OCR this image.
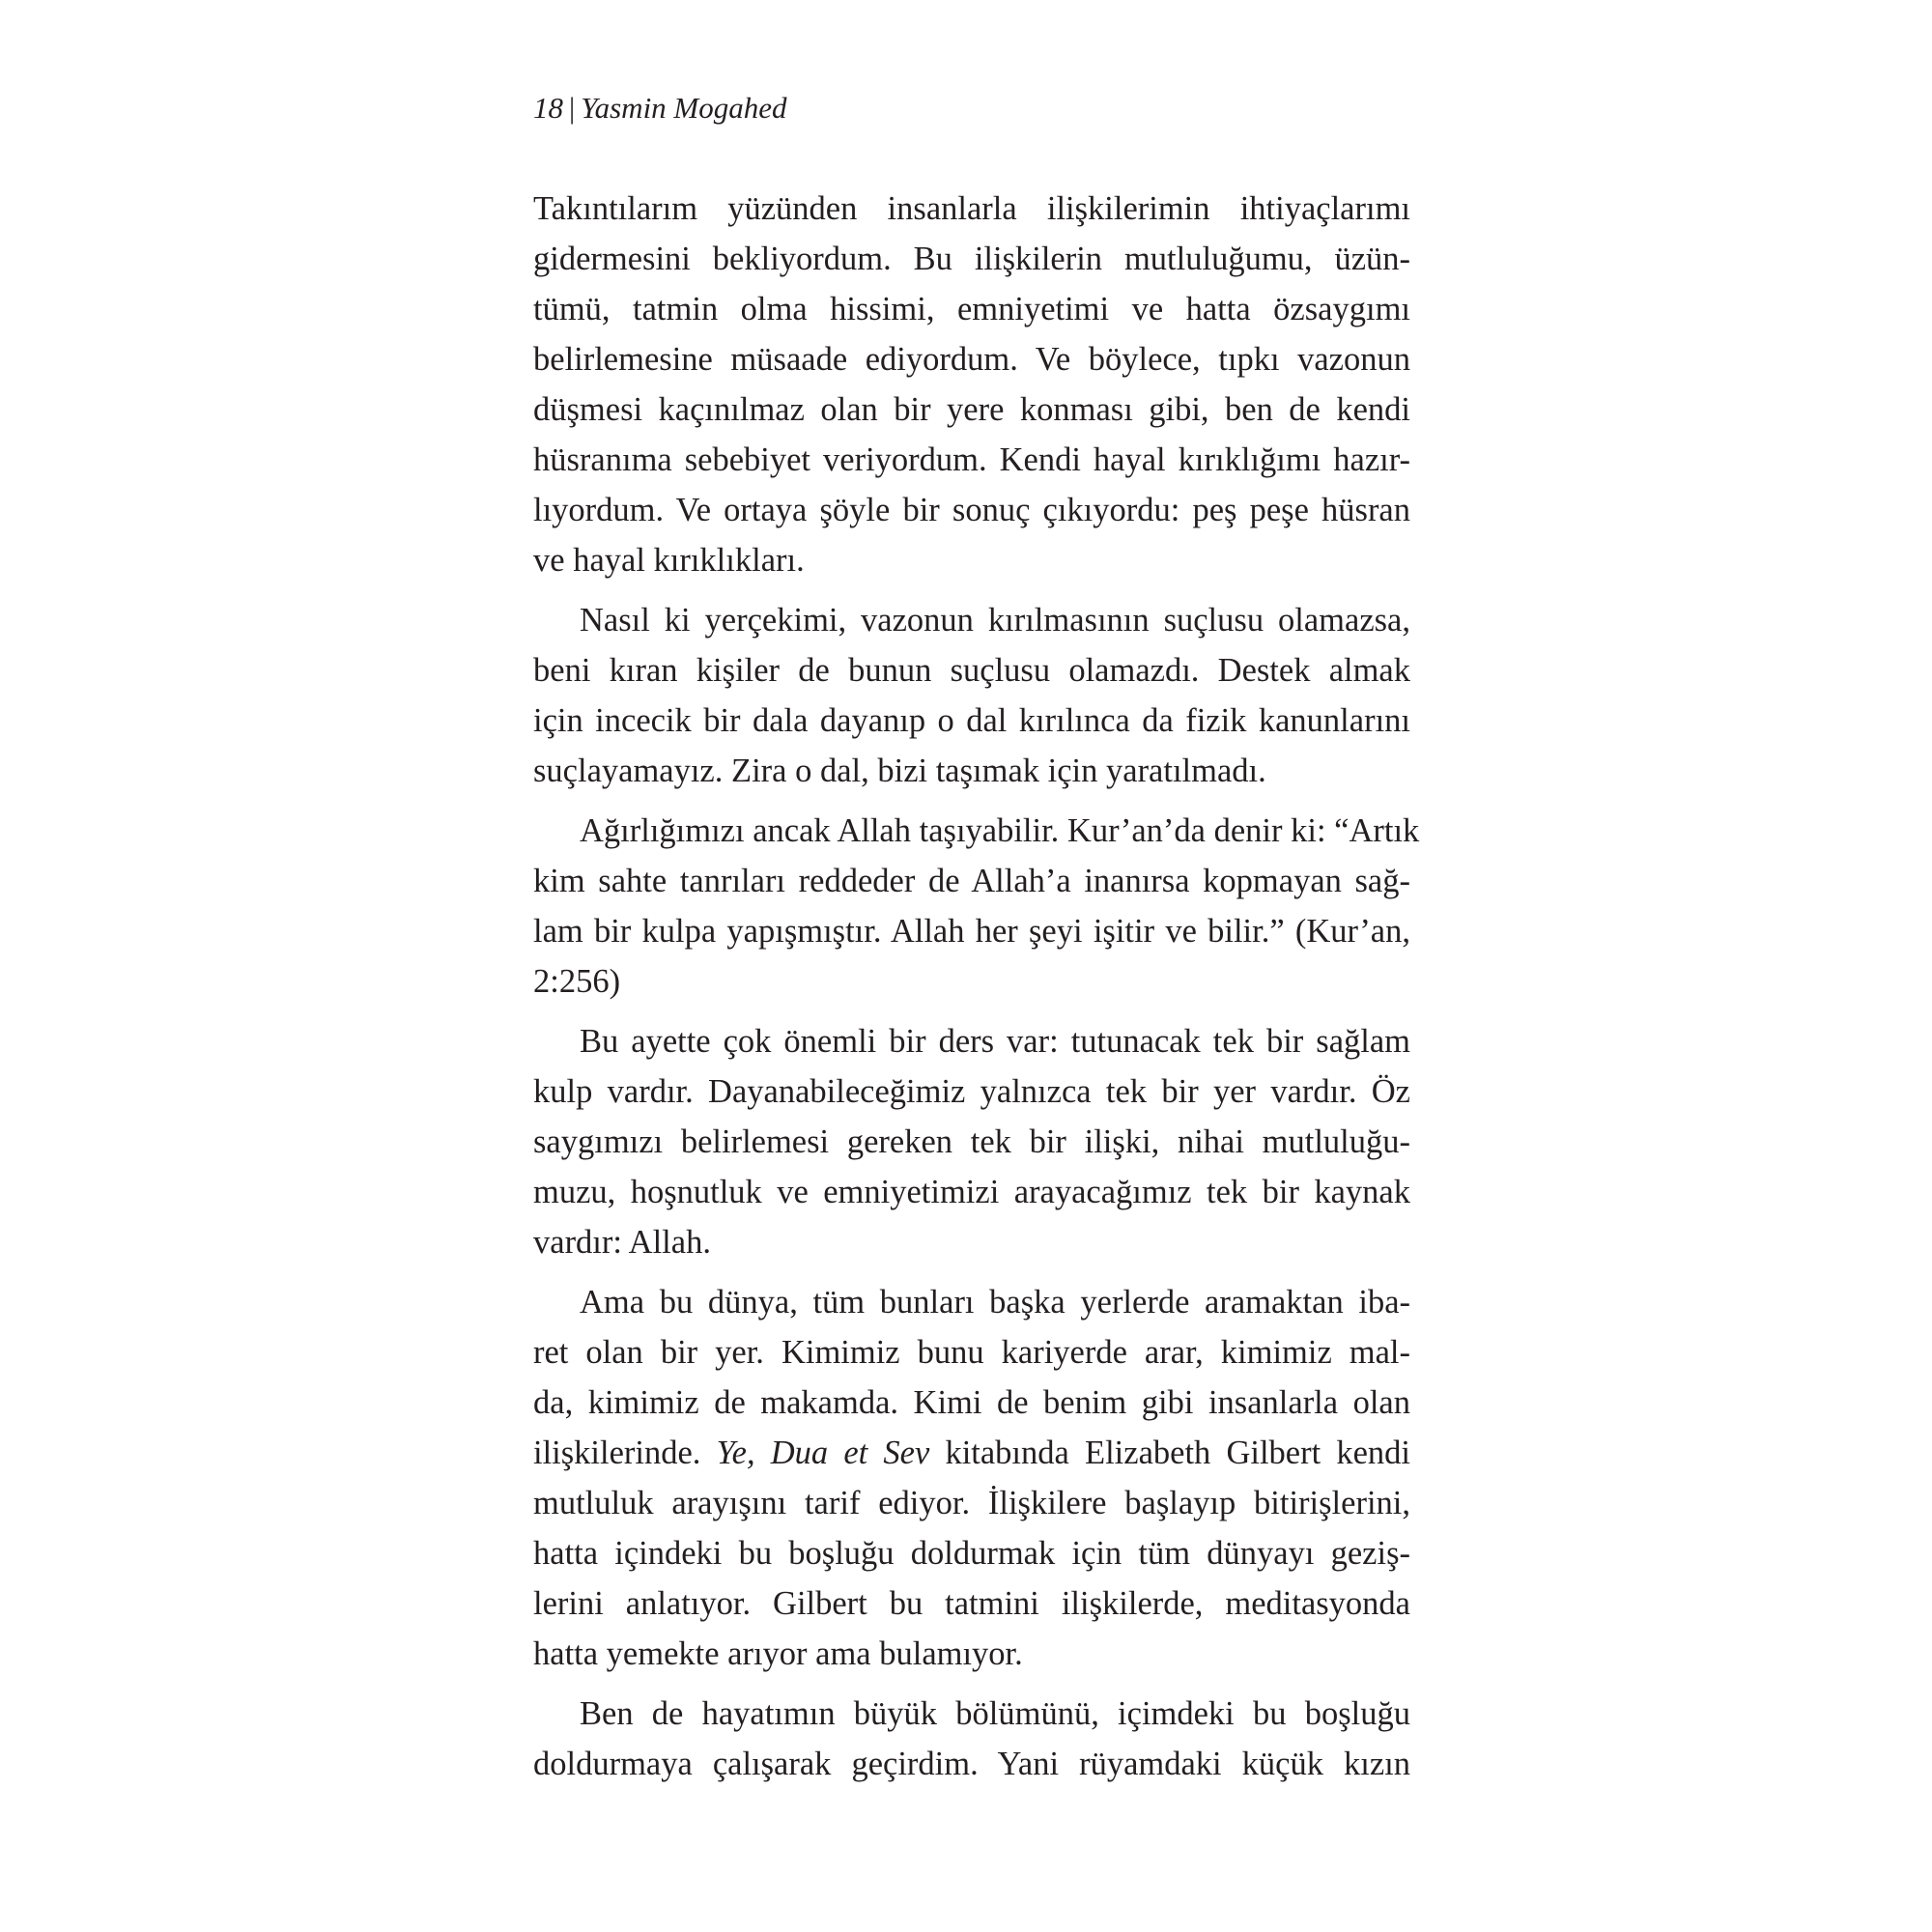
18 | Yasmin Mogahed
Takıntılarım yüzünden insanlarla ilişkilerimin ihtiyaçlarımı
gidermesini bekliyordum. Bu ilişkilerin mutluluğumu, üzün-
tümü, tatmin olma hissimi, emniyetimi ve hatta özsaygımı
belirlemesine müsaade ediyordum. Ve böylece, tıpkı vazonun
düşmesi kaçınılmaz olan bir yere konması gibi, ben de kendi
hüsranıma sebebiyet veriyordum. Kendi hayal kırıklığımı hazır-
lıyordum. Ve ortaya şöyle bir sonuç çıkıyordu: peş peşe hüsran
ve hayal kırıklıkları.
Nasıl ki yerçekimi, vazonun kırılmasının suçlusu olamazsa,
beni kıran kişiler de bunun suçlusu olamazdı. Destek almak
için incecik bir dala dayanıp o dal kırılınca da fizik kanunlarını
suçlayamayız. Zira o dal, bizi taşımak için yaratılmadı.
Ağırlığımızı ancak Allah taşıyabilir. Kur’an’da denir ki: “Artık
kim sahte tanrıları reddeder de Allah’a inanırsa kopmayan sağ-
lam bir kulpa yapışmıştır. Allah her şeyi işitir ve bilir.” (Kur’an,
2:256)
Bu ayette çok önemli bir ders var: tutunacak tek bir sağlam
kulp vardır. Dayanabileceğimiz yalnızca tek bir yer vardır. Öz
saygımızı belirlemesi gereken tek bir ilişki, nihai mutluluğu-
muzu, hoşnutluk ve emniyetimizi arayacağımız tek bir kaynak
vardır: Allah.
Ama bu dünya, tüm bunları başka yerlerde aramaktan iba-
ret olan bir yer. Kimimiz bunu kariyerde arar, kimimiz mal-
da, kimimiz de makamda. Kimi de benim gibi insanlarla olan
ilişkilerinde. Ye, Dua et Sev kitabında Elizabeth Gilbert kendi
mutluluk arayışını tarif ediyor. İlişkilere başlayıp bitirişlerini,
hatta içindeki bu boşluğu doldurmak için tüm dünyayı geziş-
lerini anlatıyor. Gilbert bu tatmini ilişkilerde, meditasyonda
hatta yemekte arıyor ama bulamıyor.
Ben de hayatımın büyük bölümünü, içimdeki bu boşluğu
doldurmaya çalışarak geçirdim. Yani rüyamdaki küçük kızın
